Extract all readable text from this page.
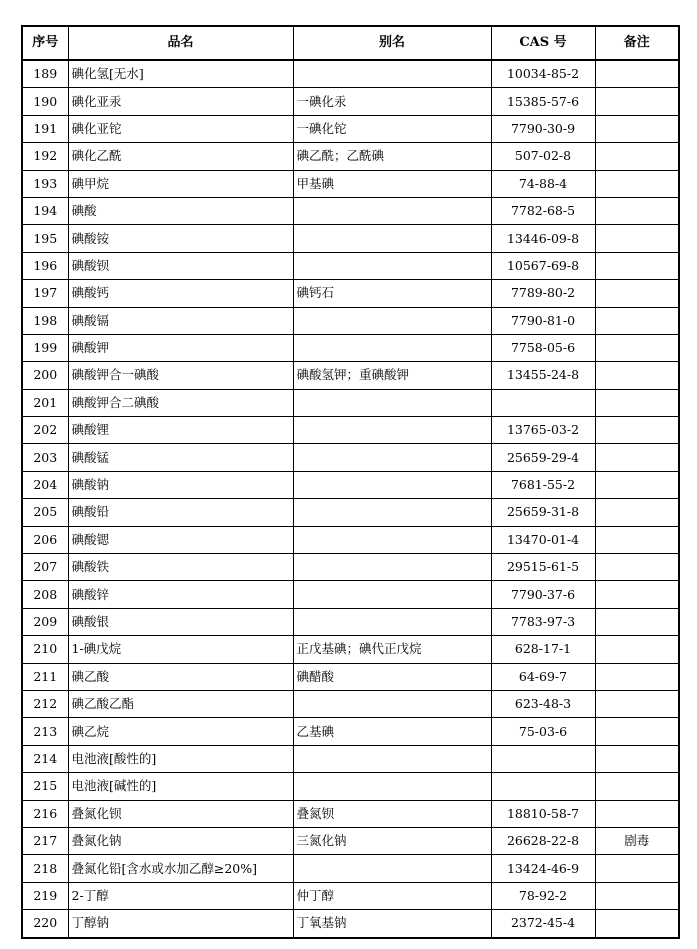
序号	品名	别名	CAS 号	备注
189	碘化氢[无水]		10034-85-2	
190	碘化亚汞	一碘化汞	15385-57-6	
191	碘化亚铊	一碘化铊	7790-30-9	
192	碘化乙酰	碘乙酰；乙酰碘	507-02-8	
193	碘甲烷	甲基碘	74-88-4	
194	碘酸		7782-68-5	
195	碘酸铵		13446-09-8	
196	碘酸钡		10567-69-8	
197	碘酸钙	碘钙石	7789-80-2	
198	碘酸镉		7790-81-0	
199	碘酸钾		7758-05-6	
200	碘酸钾合一碘酸	碘酸氢钾；重碘酸钾	13455-24-8	
201	碘酸钾合二碘酸			
202	碘酸锂		13765-03-2	
203	碘酸锰		25659-29-4	
204	碘酸钠		7681-55-2	
205	碘酸铅		25659-31-8	
206	碘酸锶		13470-01-4	
207	碘酸铁		29515-61-5	
208	碘酸锌		7790-37-6	
209	碘酸银		7783-97-3	
210	1-碘戊烷	正戊基碘；碘代正戊烷	628-17-1	
211	碘乙酸	碘醋酸	64-69-7	
212	碘乙酸乙酯		623-48-3	
213	碘乙烷	乙基碘	75-03-6	
214	电池液[酸性的]			
215	电池液[碱性的]			
216	叠氮化钡	叠氮钡	18810-58-7	
217	叠氮化钠	三氮化钠	26628-22-8	剧毒
218	叠氮化铅[含水或水加乙醇≥20%]		13424-46-9	
219	2-丁醇	仲丁醇	78-92-2	
220	丁醇钠	丁氧基钠	2372-45-4	
